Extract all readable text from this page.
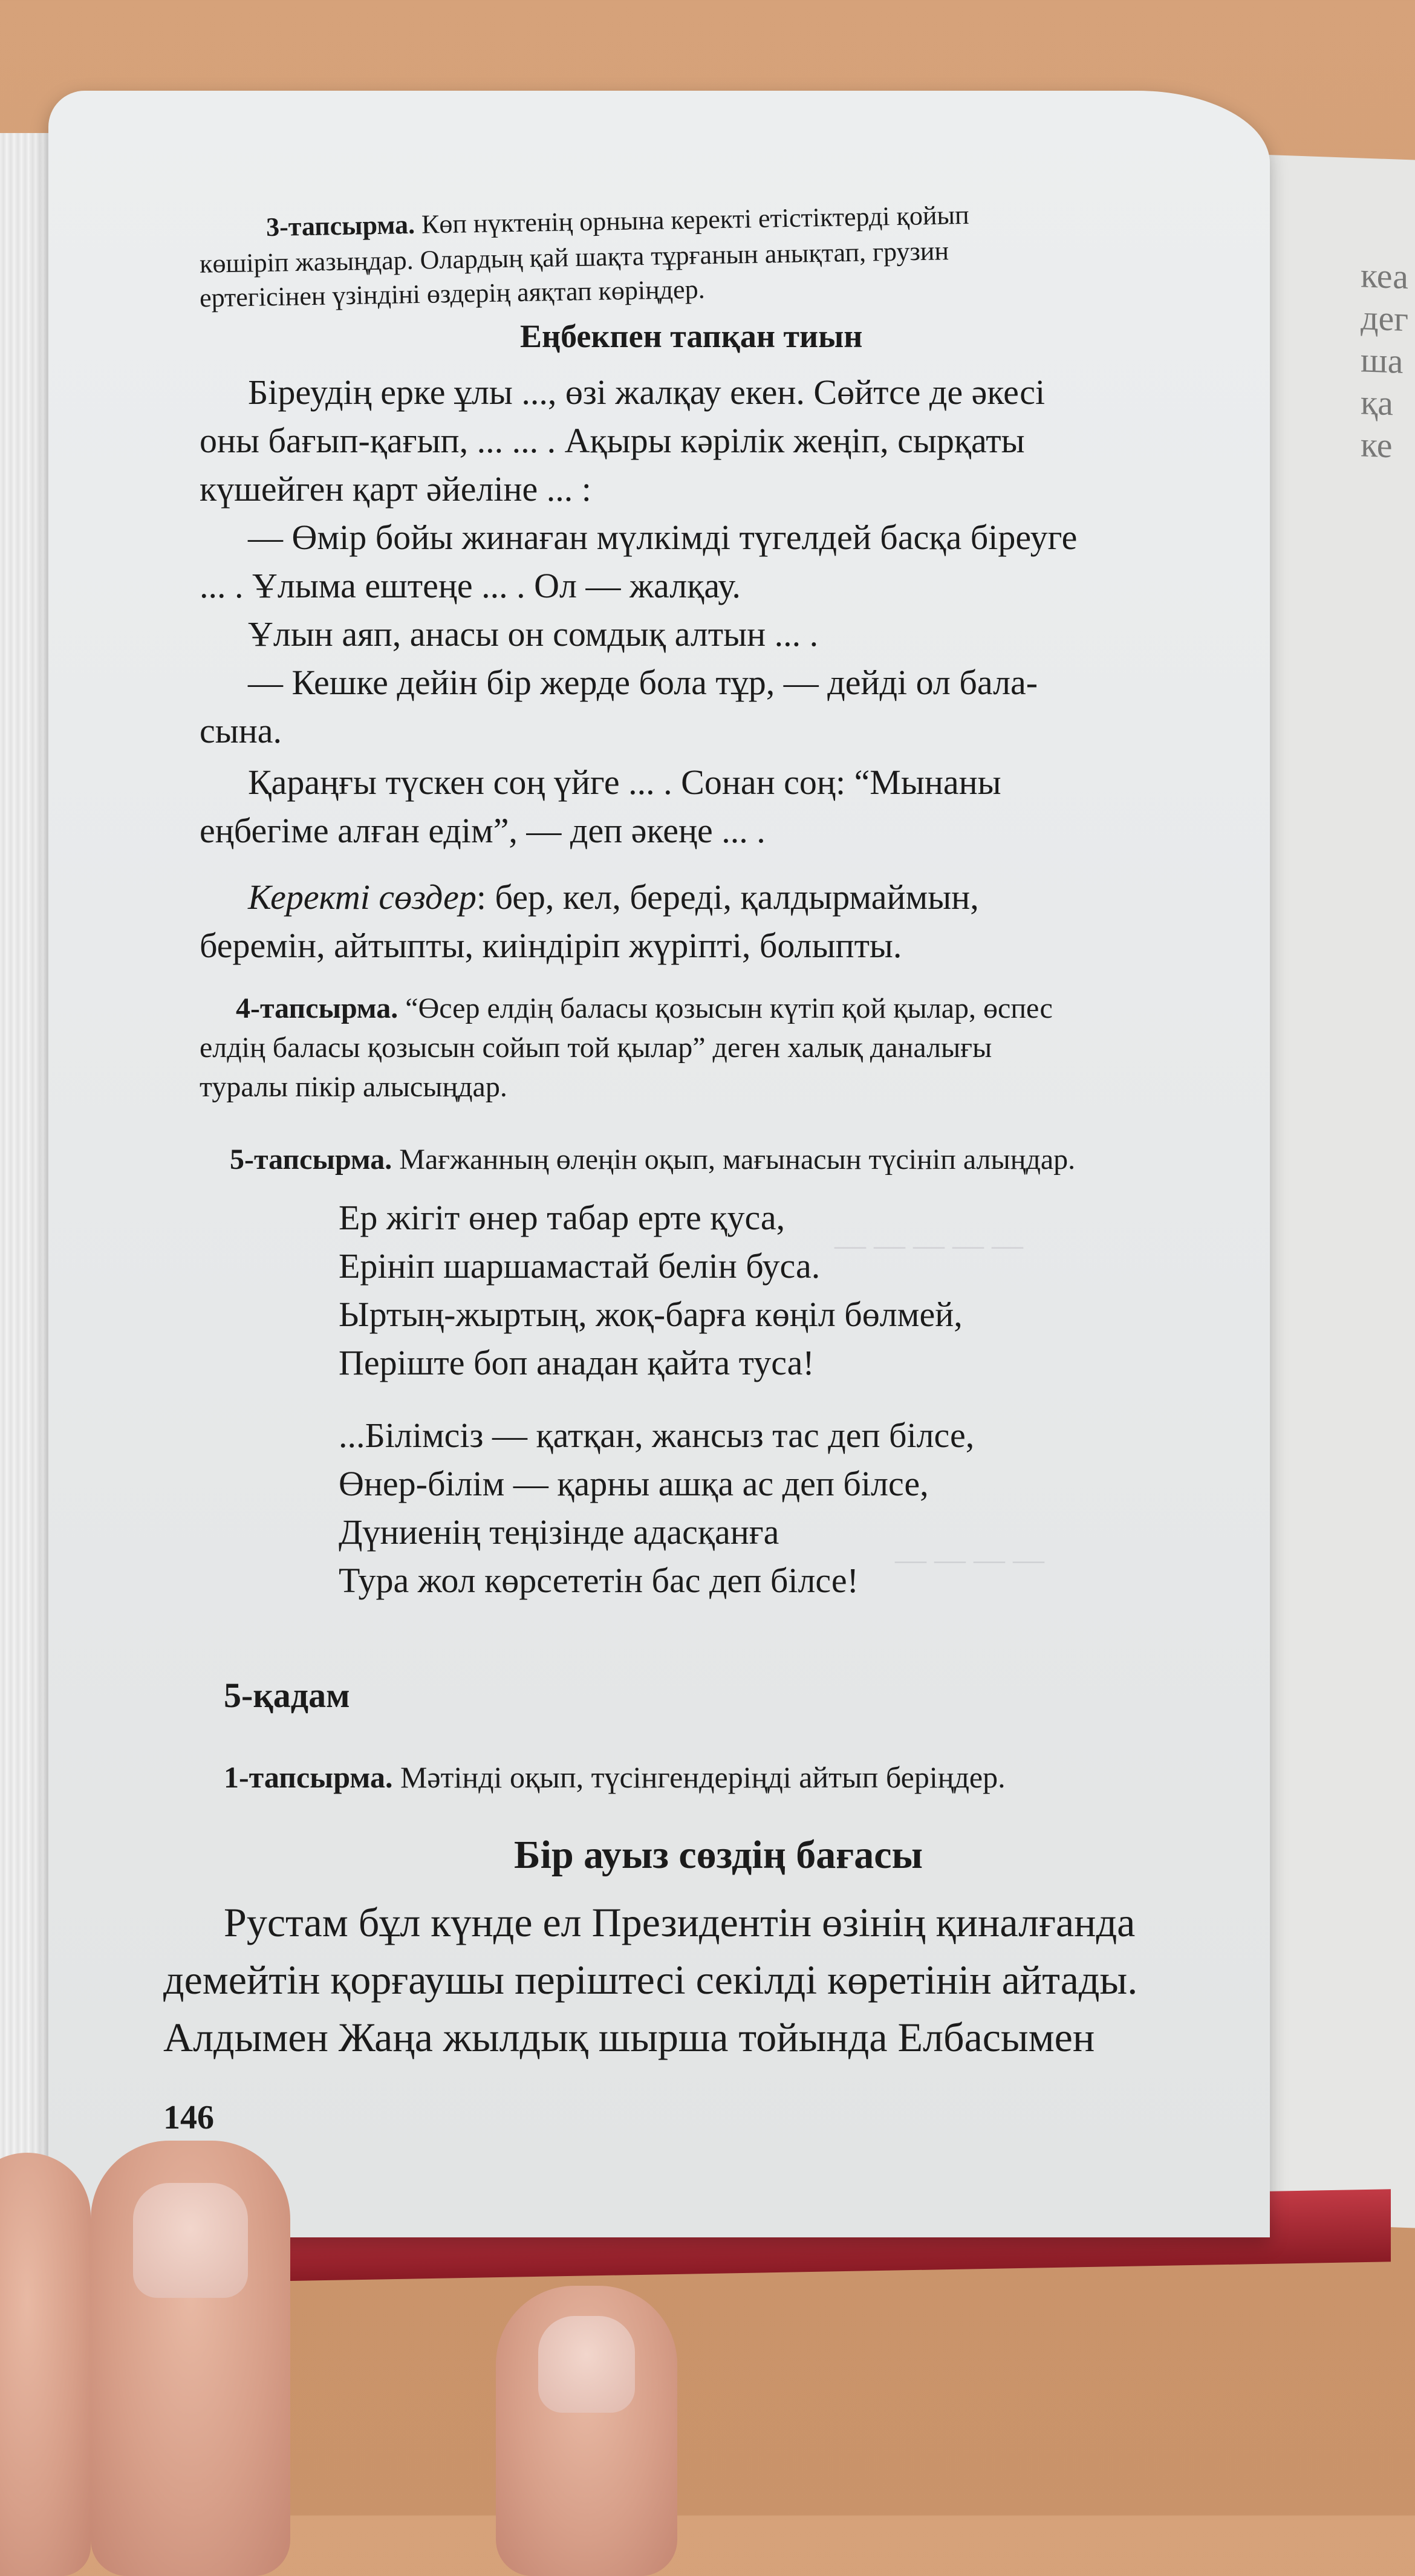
кеа
дег
ша
қа
ке
— — — — —
— — — —
3-тапсырма. Көп нүктенің орнына керекті етістіктерді қойып
көшіріп жазыңдар. Олардың қай шақта тұрғанын анықтап, грузин
ертегісінен үзіндіні өздерің аяқтап көріңдер.
Еңбекпен тапқан тиын
Біреудің ерке ұлы ..., өзі жалқау екен. Сөйтсе де әкесі
оны бағып-қағып, ... ... . Ақыры кәрілік жеңіп, сырқаты
күшейген қарт әйеліне ... :
— Өмір бойы жинаған мүлкімді түгелдей басқа біреуге
... . Ұлыма ештеңе ... . Ол — жалқау.
Ұлын аяп, анасы он сомдық алтын ... .
— Кешке дейін бір жерде бола тұр, — дейді ол бала-
сына.
Қараңғы түскен соң үйге ... . Сонан соң: “Мынаны
еңбегіме алған едім”, — деп әкеңе ... .
Керекті сөздер: бер, кел, береді, қалдырмаймын,
беремін, айтыпты, киіндіріп жүріпті, болыпты.
4-тапсырма. “Өсер елдің баласы қозысын күтіп қой қылар, өспес
елдің баласы қозысын сойып той қылар” деген халық даналығы
туралы пікір алысыңдар.
5-тапсырма. Мағжанның өлеңін оқып, мағынасын түсініп алыңдар.
Ер жігіт өнер табар ерте қуса,
Ерініп шаршамастай белін буса.
Ыртың-жыртың, жоқ-барға көңіл бөлмей,
Періште боп анадан қайта туса!
...Білімсіз — қатқан, жансыз тас деп білсе,
Өнер-білім — қарны ашқа ас деп білсе,
Дүниенің теңізінде адасқанға
Тура жол көрсететін бас деп білсе!
5-қадам
1-тапсырма. Мәтінді оқып, түсінгендеріңді айтып беріңдер.
Бір ауыз сөздің бағасы
Рустам бұл күнде ел Президентін өзінің қиналғанда
демейтін қорғаушы періштесі секілді көретінін айтады.
Алдымен Жаңа жылдық шырша тойында Елбасымен
146
